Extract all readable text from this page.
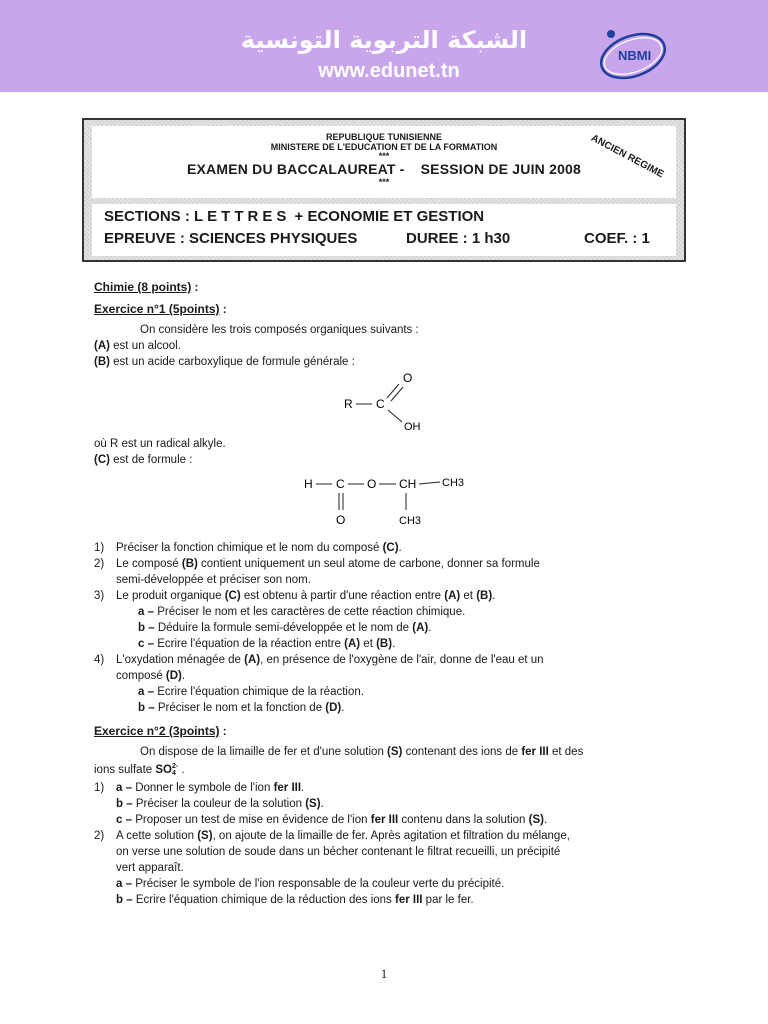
الشبكة التربوية التونسية
www.edunet.tn
NBMI
REPUBLIQUE TUNISIENNE
MINISTERE DE L'EDUCATION ET DE LA FORMATION
***
EXAMEN DU BACCALAUREAT - SESSION DE JUIN 2008
***
ANCIEN REGIME
SECTIONS : LETTRES + ECONOMIE ET GESTION
EPREUVE : SCIENCES PHYSIQUES	DUREE : 1 h30	COEF. : 1

Chimie (8 points) :

Exercice n°1 (5points) :

On considère les trois composés organiques suivants :

(A) est un alcool.

(B) est un acide carboxylique de formule générale :

R C
O
OH

où R est un radical alkyle.

(C) est de formule :

H C O CH CH3
O	CH3

1) Préciser la fonction chimique et le nom du composé (C).

2) Le composé (B) contient uniquement un seul atome de carbone, donner sa formule

semi-développée et préciser son nom.

3) Le produit organique (C) est obtenu à partir d'une réaction entre (A) et (B).

a – Préciser le nom et les caractères de cette réaction chimique.

b – Déduire la formule semi-développée et le nom de (A).

c – Ecrire l'équation de la réaction entre (A) et (B).

4) L'oxydation ménagée de (A), en présence de l'oxygène de l'air, donne de l'eau et un

composé (D).

a – Ecrire l'équation chimique de la réaction.

b – Préciser le nom et la fonction de (D).

Exercice n°2 (3points) :

On dispose de la limaille de fer et d'une solution (S) contenant des ions de fer III et des

ions sulfate SO 2-
4 .

1) a – Donner le symbole de l'ion fer III.

b – Préciser la couleur de la solution (S).

c – Proposer un test de mise en évidence de l'ion fer III contenu dans la solution (S).

2) A cette solution (S), on ajoute de la limaille de fer. Après agitation et filtration du mélange,

on verse une solution de soude dans un bécher contenant le filtrat recueilli, un précipité

vert apparaît.

a – Préciser le symbole de l'ion responsable de la couleur verte du précipité.

b – Ecrire l'équation chimique de la réduction des ions fer III par le fer.

1
